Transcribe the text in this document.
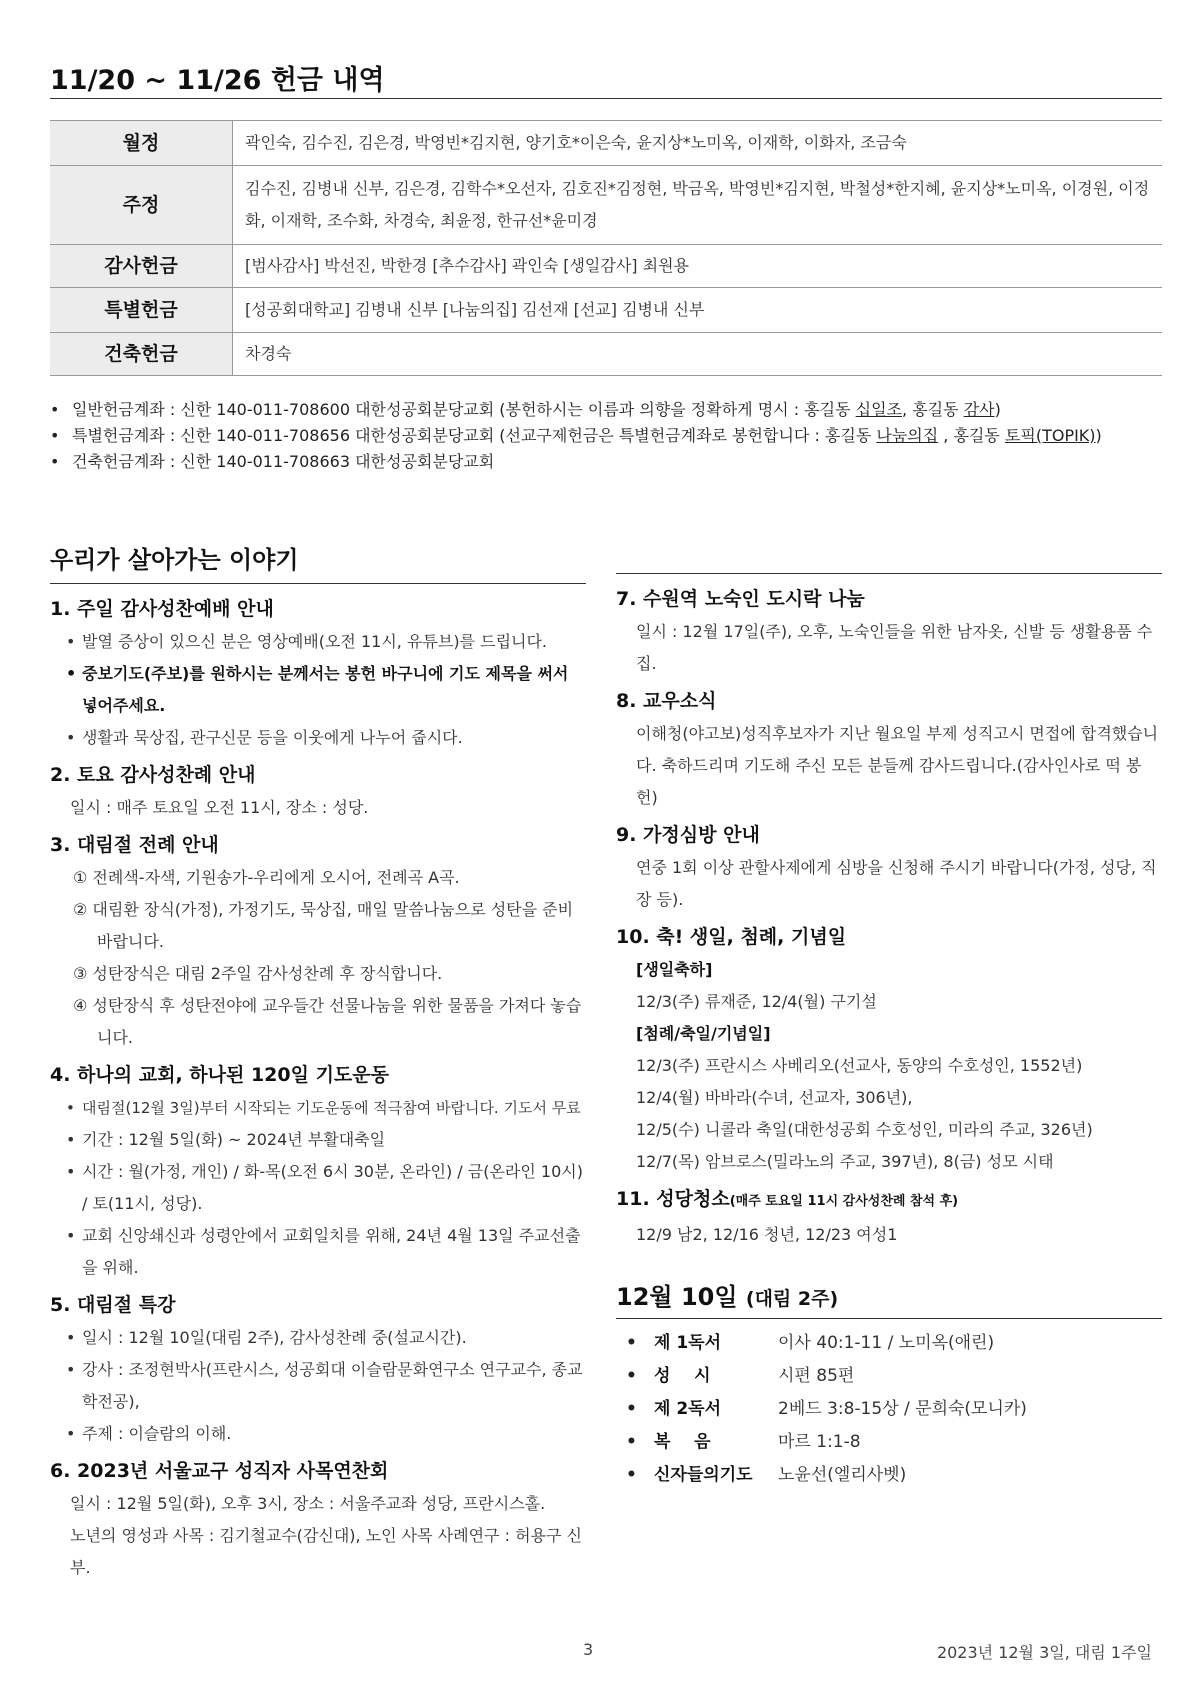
11/20 ~ 11/26 헌금 내역
월정	곽인숙, 김수진, 김은경, 박영빈*김지현, 양기호*이은숙, 윤지상*노미옥, 이재학, 이화자, 조금숙
주정	김수진, 김병내 신부, 김은경, 김학수*오선자, 김호진*김정현, 박금옥, 박영빈*김지현, 박철성*한지혜, 윤지상*노미옥, 이경원, 이정화, 이재학, 조수화, 차경숙, 최윤정, 한규선*윤미경
감사헌금	[범사감사] 박선진, 박한경 [추수감사] 곽인숙 [생일감사] 최원용
특별헌금	[성공회대학교] 김병내 신부 [나눔의집] 김선재 [선교] 김병내 신부
건축헌금	차경숙
• 일반헌금계좌 : 신한 140-011-708600 대한성공회분당교회 (봉헌하시는 이름과 의향을 정확하게 명시 : 홍길동 십일조, 홍길동 감사)
• 특별헌금계좌 : 신한 140-011-708656 대한성공회분당교회 (선교구제헌금은 특별헌금계좌로 봉헌합니다 : 홍길동 나눔의집 , 홍길동 토픽(TOPIK))
• 건축헌금계좌 : 신한 140-011-708663 대한성공회분당교회
우리가 살아가는 이야기
1. 주일 감사성찬예배 안내
• 발열 증상이 있으신 분은 영상예배(오전 11시, 유튜브)를 드립니다.
• 중보기도(주보)를 원하시는 분께서는 봉헌 바구니에 기도 제목을 써서
넣어주세요.
• 생활과 묵상집, 관구신문 등을 이웃에게 나누어 줍시다.
2. 토요 감사성찬례 안내
일시 : 매주 토요일 오전 11시, 장소 : 성당.
3. 대림절 전례 안내
① 전례색-자색, 기원송가-우리에게 오시어, 전례곡 A곡.
② 대림환 장식(가정), 가정기도, 묵상집, 매일 말씀나눔으로 성탄을 준비 바랍니다.
③ 성탄장식은 대림 2주일 감사성찬례 후 장식합니다.
④ 성탄장식 후 성탄전야에 교우들간 선물나눔을 위한 물품을 가져다 놓습니다.
4. 하나의 교회, 하나된 120일 기도운동
• 대림절(12월 3일)부터 시작되는 기도운동에 적극참여 바랍니다. 기도서 무료
• 기간 : 12월 5일(화) ~ 2024년 부활대축일
• 시간 : 월(가정, 개인) / 화-목(오전 6시 30분, 온라인) / 금(온라인 10시) / 토(11시, 성당).
• 교회 신앙쇄신과 성령안에서 교회일치를 위해, 24년 4월 13일 주교선출을 위해.
5. 대림절 특강
• 일시 : 12월 10일(대림 2주), 감사성찬례 중(설교시간).
• 강사 : 조정현박사(프란시스, 성공회대 이슬람문화연구소 연구교수, 종교학전공),
• 주제 : 이슬람의 이해.
6. 2023년 서울교구 성직자 사목연찬회
일시 : 12월 5일(화), 오후 3시, 장소 : 서울주교좌 성당, 프란시스홀.
노년의 영성과 사목 : 김기철교수(감신대), 노인 사목 사례연구 : 허용구 신부.
7. 수원역 노숙인 도시락 나눔
일시 : 12월 17일(주), 오후, 노숙인들을 위한 남자옷, 신발 등 생활용품 수집.
8. 교우소식
이해청(야고보)성직후보자가 지난 월요일 부제 성직고시 면접에 합격했습니다. 축하드리며 기도해 주신 모든 분들께 감사드립니다.(감사인사로 떡 봉헌)
9. 가정심방 안내
연중 1회 이상 관할사제에게 심방을 신청해 주시기 바랍니다(가정, 성당, 직장 등).
10. 축! 생일, 첨례, 기념일
[생일축하]
12/3(주) 류재준, 12/4(월) 구기설
[첨례/축일/기념일]
12/3(주) 프란시스 사베리오(선교사, 동양의 수호성인, 1552년)
12/4(월) 바바라(수녀, 선교자, 306년),
12/5(수) 니콜라 축일(대한성공회 수호성인, 미라의 주교, 326년)
12/7(목) 암브로스(밀라노의 주교, 397년), 8(금) 성모 시태
11. 성당청소(매주 토요일 11시 감사성찬례 참석 후)
12/9 남2, 12/16 청년, 12/23 여성1
12월 10일 (대림 2주)
•	제 1독서	이사 40:1-11 / 노미옥(애린)
•	성    시	시편 85편
•	제 2독서	2베드 3:8-15상 / 문희숙(모니카)
•	복    음	마르 1:1-8
•	신자들의기도	노윤선(엘리사벳)
3	2023년 12월 3일, 대림 1주일
